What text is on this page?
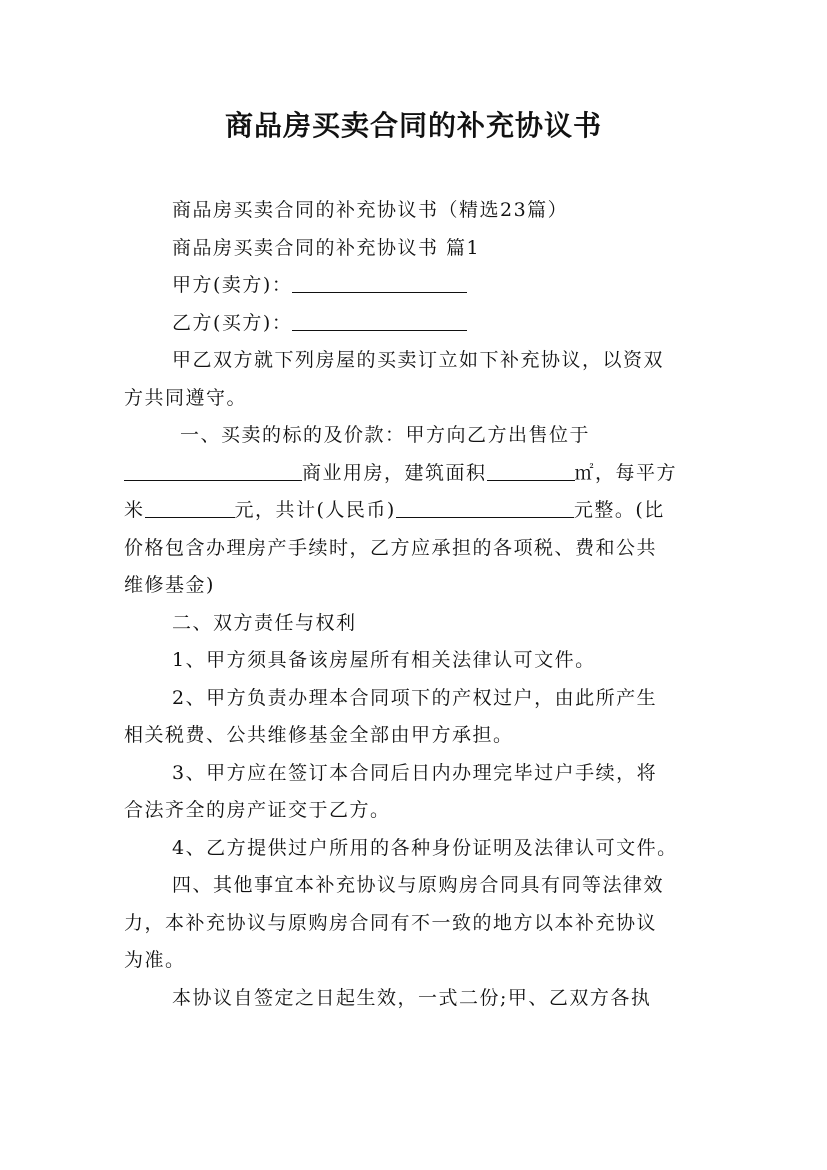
商品房买卖合同的补充协议书
商品房买卖合同的补充协议书（精选23篇）
商品房买卖合同的补充协议书 篇1
甲方(卖方)：
乙方(买方)：
甲乙双方就下列房屋的买卖订立如下补充协议，以资双
方共同遵守。
一、买卖的标的及价款：甲方向乙方出售位于
商业用房，建筑面积	㎡，每平方
米	元，共计(人民币)	元整。(比
价格包含办理房产手续时，乙方应承担的各项税、费和公共
维修基金)
二、双方责任与权利
1、甲方须具备该房屋所有相关法律认可文件。
2、甲方负责办理本合同项下的产权过户，由此所产生
相关税费、公共维修基金全部由甲方承担。
3、甲方应在签订本合同后日内办理完毕过户手续，将
合法齐全的房产证交于乙方。
4、乙方提供过户所用的各种身份证明及法律认可文件。
四、其他事宜本补充协议与原购房合同具有同等法律效
力，本补充协议与原购房合同有不一致的地方以本补充协议
为准。
本协议自签定之日起生效，一式二份;甲、乙双方各执
